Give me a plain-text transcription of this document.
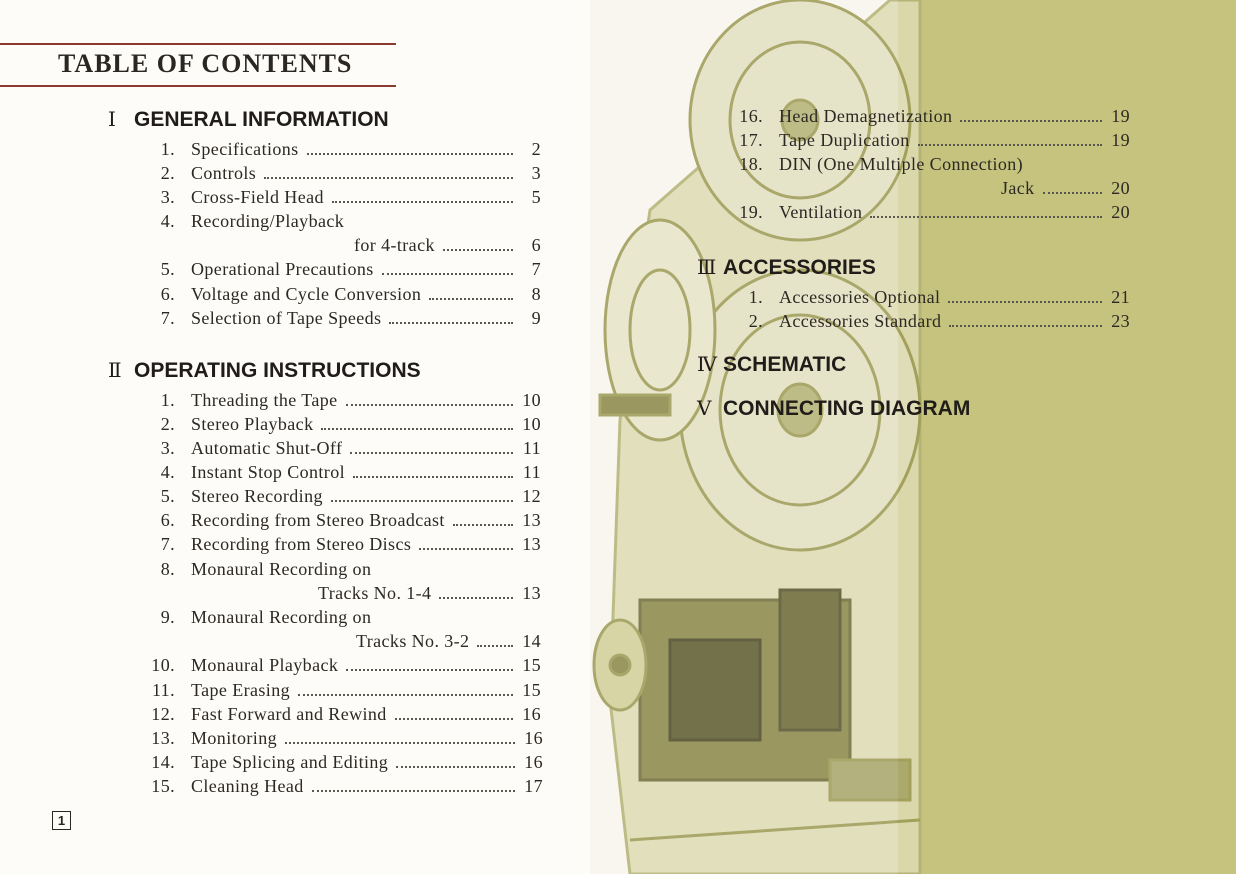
TABLE OF CONTENTS
Ⅰ GENERAL INFORMATION
1. Specifications	2
2. Controls	3
3. Cross-Field Head	5
4. Recording/Playback
for 4-track	6
5. Operational Precautions	7
6. Voltage and Cycle Conversion	8
7. Selection of Tape Speeds	9
Ⅱ OPERATING INSTRUCTIONS
1. Threading the Tape	10
2. Stereo Playback	10
3. Automatic Shut-Off	11
4. Instant Stop Control	11
5. Stereo Recording	12
6. Recording from Stereo Broadcast	13
7. Recording from Stereo Discs	13
8. Monaural Recording on
Tracks No. 1-4	13
9. Monaural Recording on
Tracks No. 3-2	14
10. Monaural Playback	15
11. Tape Erasing	15
12. Fast Forward and Rewind	16
13. Monitoring	16
14. Tape Splicing and Editing	16
15. Cleaning Head	17
16. Head Demagnetization	19
17. Tape Duplication	19
18. DIN (One Multiple Connection)
Jack	20
19. Ventilation	20
Ⅲ ACCESSORIES
1. Accessories Optional	21
2. Accessories Standard	23
Ⅳ SCHEMATIC
Ⅴ CONNECTING DIAGRAM
1
